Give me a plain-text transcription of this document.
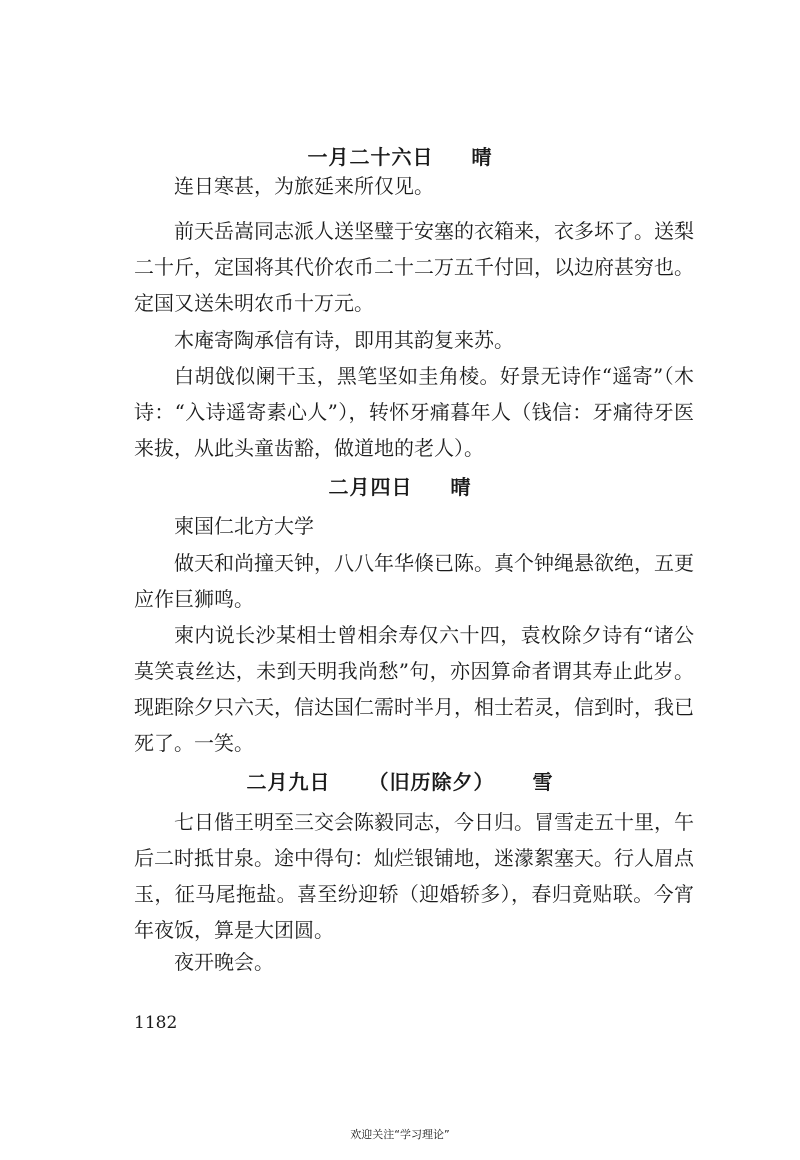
一月二十六日 晴
连日寒甚，为旅延来所仅见。
前天岳嵩同志派人送坚璧于安塞的衣箱来，衣多坏了。送梨二十斤，定国将其代价农币二十二万五千付回，以边府甚穷也。定国又送朱明农币十万元。
木庵寄陶承信有诗，即用其韵复来苏。
白胡戗似阑干玉，黑笔坚如圭角棱。好景无诗作“遥寄”（木诗：“入诗遥寄素心人”），转怀牙痛暮年人（钱信：牙痛待牙医来拔，从此头童齿豁，做道地的老人）。
二月四日 晴
柬国仁北方大学
做天和尚撞天钟，八八年华倏已陈。真个钟绳悬欲绝，五更应作巨狮鸣。
柬内说长沙某相士曾相余寿仅六十四，袁枚除夕诗有“诸公莫笑袁丝达，未到天明我尚愁”句，亦因算命者谓其寿止此岁。现距除夕只六天，信达国仁需时半月，相士若灵，信到时，我已死了。一笑。
二月九日 （旧历除夕） 雪
七日偕王明至三交会陈毅同志，今日归。冒雪走五十里，午后二时抵甘泉。途中得句：灿烂银铺地，迷濛絮塞天。行人眉点玉，征马尾拖盐。喜至纷迎轿（迎婚轿多），春归竟贴联。今宵年夜饭，算是大团圆。
夜开晚会。
1182
欢迎关注“学习理论”
